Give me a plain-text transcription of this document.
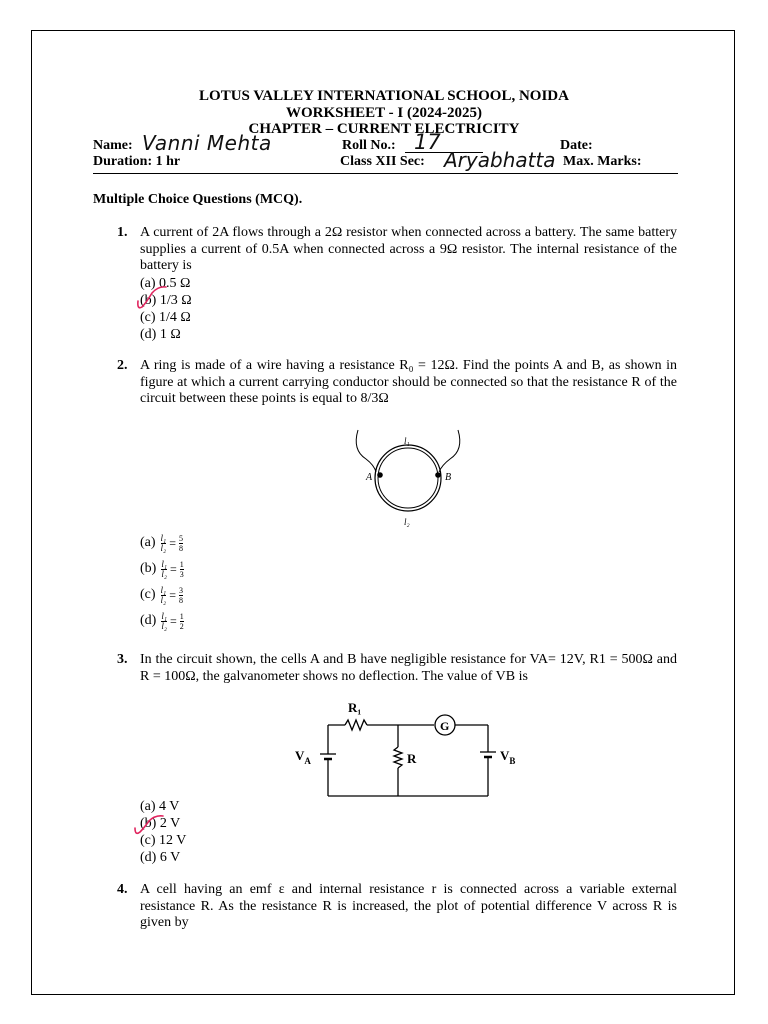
LOTUS VALLEY INTERNATIONAL SCHOOL, NOIDA
WORKSHEET - I (2024-2025)
CHAPTER – CURRENT ELECTRICITY
Name: Vanni Mehta	Roll No.: 17	Date:
Duration: 1 hr	Class XII Sec: Aryabhatta Max. Marks:
Multiple Choice Questions (MCQ).
1. A current of 2A flows through a 2Ω resistor when connected across a battery. The same battery supplies a current of 0.5A when connected across a 9Ω resistor. The internal resistance of the battery is
(a) 0.5 Ω
(b) 1/3 Ω
(c) 1/4 Ω
(d) 1 Ω
2. A ring is made of a wire having a resistance R₀ = 12Ω. Find the points A and B, as shown in figure at which a current carrying conductor should be connected so that the resistance R of the circuit between these points is equal to 8/3Ω
l₁
l₂
A	B
$(a) \frac{\text{l₁}}{\text{l₂}} = \frac{5}{8}$
$(b) \frac{\text{l₁}}{\text{l₂}} = \frac{1}{3}$
$(c) \frac{\text{l₁}}{\text{l₂}} = \frac{3}{8}$
$(d) \frac{\text{l₁}}{\text{l₂}} = \frac{1}{2}$
3. In the circuit shown, the cells A and B have negligible resistance for VA= 12V, R1 = 500Ω and R = 100Ω, the galvanometer shows no deflection. The value of VB is
R₁
G
$V_A$	R	$V_B$
(a) 4 V
(b) 2 V
(c) 12 V
(d) 6 V
4. A cell having an emf ε and internal resistance r is connected across a variable external resistance R. As the resistance R is increased, the plot of potential difference V across R is given by
